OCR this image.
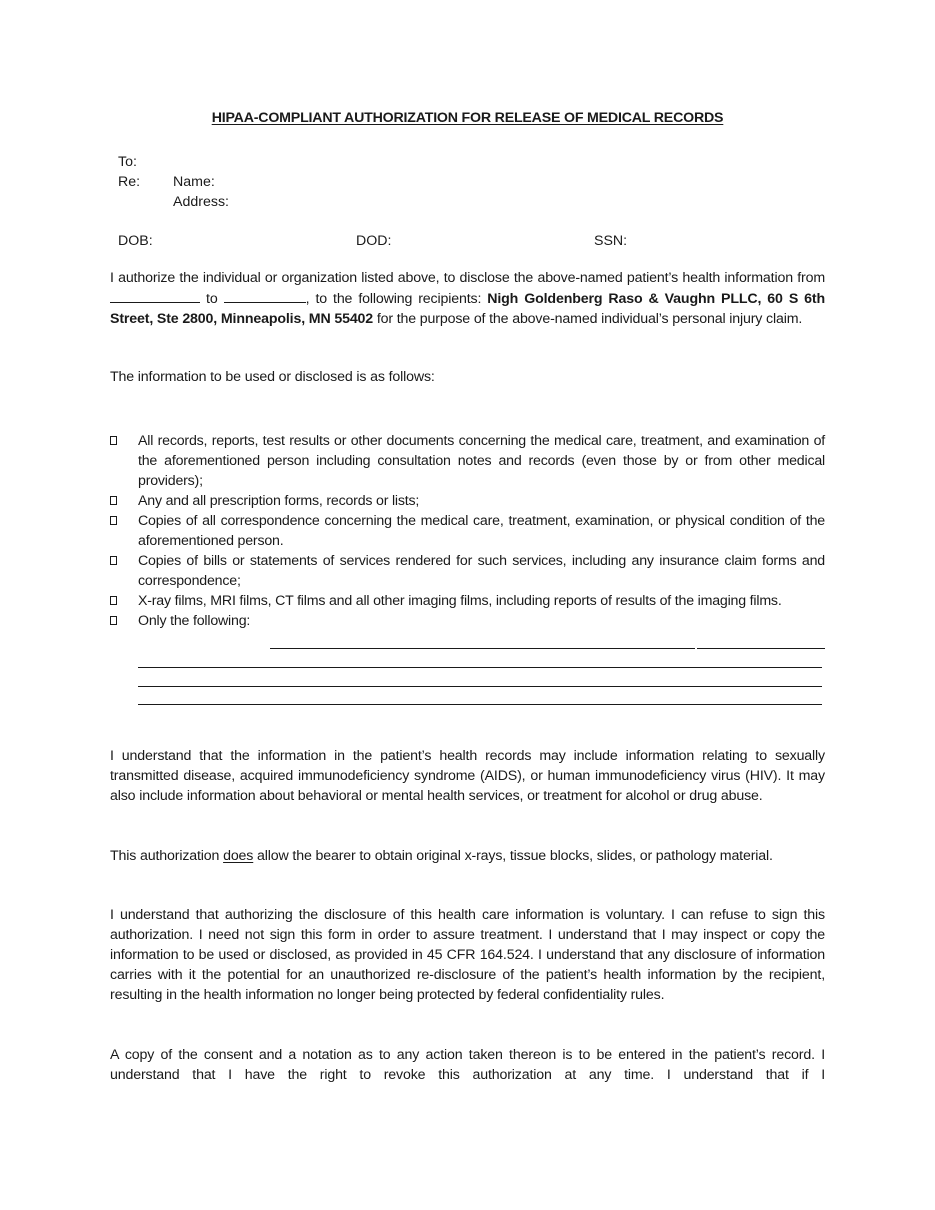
HIPAA-COMPLIANT AUTHORIZATION FOR RELEASE OF MEDICAL RECORDS
To:
Re: Name:
Address:
DOB:	DOD:	SSN:
I authorize the individual or organization listed above, to disclose the above-named patient’s health information from  to	, to the following recipients: Nigh Goldenberg Raso & Vaughn PLLC, 60 S 6th Street, Ste 2800, Minneapolis, MN 55402 for the purpose of the above-named individual’s personal injury claim.
The information to be used or disclosed is as follows:
All records, reports, test results or other documents concerning the medical care, treatment, and examination of the aforementioned person including consultation notes and records (even those by or from other medical providers);
Any and all prescription forms, records or lists;
Copies of all correspondence concerning the medical care, treatment, examination, or physical condition of the aforementioned person.
Copies of bills or statements of services rendered for such services, including any insurance claim forms and correspondence;
X-ray films, MRI films, CT films and all other imaging films, including reports of results of the imaging films.
Only the following:
I understand that the information in the patient’s health records may include information relating to sexually transmitted disease, acquired immunodeficiency syndrome (AIDS), or human immunodeficiency virus (HIV). It may also include information about behavioral or mental health services, or treatment for alcohol or drug abuse.
This authorization does allow the bearer to obtain original x-rays, tissue blocks, slides, or pathology material.
I understand that authorizing the disclosure of this health care information is voluntary. I can refuse to sign this authorization. I need not sign this form in order to assure treatment. I understand that I may inspect or copy the information to be used or disclosed, as provided in 45 CFR 164.524. I understand that any disclosure of information carries with it the potential for an unauthorized re-disclosure of the patient’s health information by the recipient, resulting in the health information no longer being protected by federal confidentiality rules.
A copy of the consent and a notation as to any action taken thereon is to be entered in the patient’s record. I understand that I have the right to revoke this authorization at any time. I understand that if I
